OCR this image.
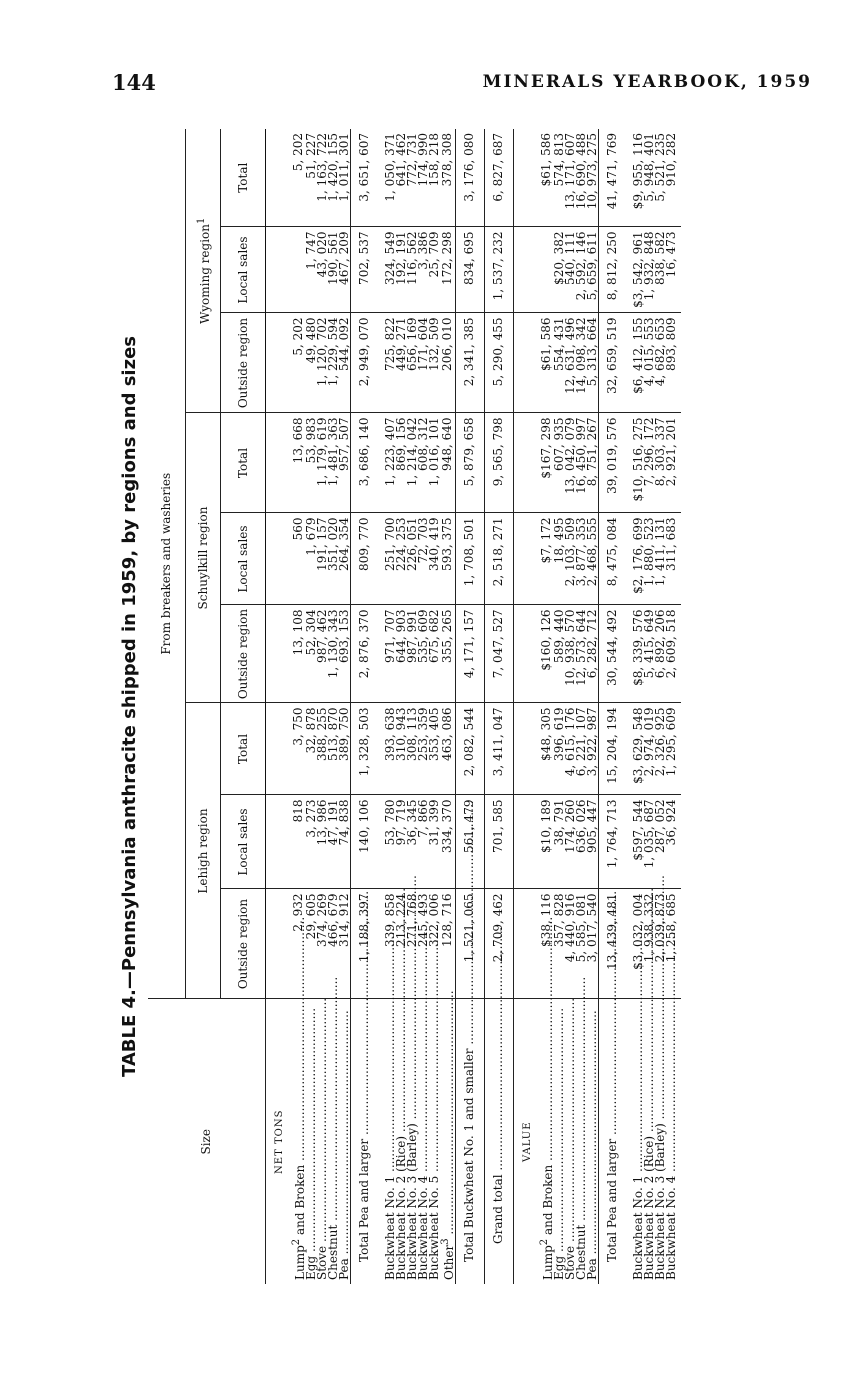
144	MINERALS YEARBOOK, 1959
TABLE 4.—Pennsylvania anthracite shipped in 1959, by regions and sizes
Size	From breakers and washeries								
	Lehigh region			Schuylkill region			Wyoming region$^1$
	Outside region	Local sales	Total	Outside region	Local sales	Total	Outside region	Local sales	Total
NET TONS									
Lump$^2$ and Broken .....	2, 932	818	3, 750	13, 108	560	13, 668	5, 202		5, 202
Egg .....	29, 605	3, 273	32, 878	52, 304	1, 679	53, 983	49, 480	1, 747	51, 227
Stove .....	374, 269	13, 986	388, 255	987, 462	191, 157	1, 179, 619	1, 120, 702	43, 020	1, 163, 722
Chestnut .....	466, 679	47, 191	513, 870	1, 130, 343	351, 020	1, 481, 363	1, 229, 594	190, 561	1, 420, 155
Pea .....	314, 912	74, 838	389, 750	693, 153	264, 354	957, 507	544, 092	467, 209	1, 011, 301
Total Pea and larger .....	1, 188, 397	140, 106	1, 328, 503	2, 876, 370	809, 770	3, 686, 140	2, 949, 070	702, 537	3, 651, 607

Buckwheat No. 1 .....	339, 858	53, 780	393, 638	971, 707	251, 700	1, 223, 407	725, 822	324, 549	1, 050, 371
Buckwheat No. 2 (Rice) .....	213, 224	97, 719	310, 943	644, 903	224, 253	869, 156	449, 271	192, 191	641, 462
Buckwheat No. 3 (Barley) .....	271, 768	36, 345	308, 113	987, 991	226, 051	1, 214, 042	656, 169	116, 562	772, 731
Buckwheat No. 4 .....	245, 493	7, 866	253, 359	535, 609	72, 703	608, 312	171, 604	3, 386	174, 990
Buckwheat No. 5 .....	322, 006	31, 399	353, 405	675, 682	340, 419	1, 016, 101	132, 509	25, 709	158, 218
Other$^3$ .....	128, 716	334, 370	463, 086	355, 265	593, 375	948, 640	206, 010	172, 298	378, 308
Total Buckwheat No. 1 and smaller .....	1, 521, 065	561, 479	2, 082, 544	4, 171, 157	1, 708, 501	5, 879, 658	2, 341, 385	834, 695	3, 176, 080
Grand total .....	2, 709, 462	701, 585	3, 411, 047	7, 047, 527	2, 518, 271	9, 565, 798	5, 290, 455	1, 537, 232	6, 827, 687
VALUE									
Lump$^2$ and Broken .....	$38, 116	$10, 189	$48, 305	$160, 126	$7, 172	$167, 298	$61, 586		$61, 586
Egg .....	357, 828	38, 791	396, 619	589, 440	18, 495	607, 935	554, 431	$20, 382	574, 813
Stove .....	4, 440, 916	174, 260	4, 615, 176	10, 938, 570	2, 103, 509	13, 042, 079	12, 631, 496	540, 111	13, 171, 607
Chestnut .....	5, 585, 081	636, 026	6, 221, 107	12, 573, 644	3, 877, 353	16, 450, 997	14, 098, 342	2, 592, 146	16, 690, 488
Pea .....	3, 017, 540	905, 447	3, 922, 987	6, 282, 712	2, 468, 555	8, 751, 267	5, 313, 664	5, 659, 611	10, 973, 275
Total Pea and larger .....	13, 439, 481	1, 764, 713	15, 204, 194	30, 544, 492	8, 475, 084	39, 019, 576	32, 659, 519	8, 812, 250	41, 471, 769

Buckwheat No. 1 .....	$3, 032, 004	$597, 544	$3, 629, 548	$8, 339, 576	$2, 176, 699	$10, 516, 275	$6, 412, 155	$3, 542, 961	$9, 955, 116
Buckwheat No. 2 (Rice) .....	1, 938, 332	1, 035, 687	2, 974, 019	5, 415, 649	1, 880, 523	7, 296, 172	4, 015, 553	1, 932, 848	5, 948, 401
Buckwheat No. 3 (Barley) .....	2, 039, 873	287, 052	2, 326, 925	6, 892, 206	1, 411, 131	8, 303, 337	4, 682, 653	838, 582	5, 521, 235
Buckwheat No. 4 .....	1, 258, 685	36, 924	1, 295, 609	2, 609, 518	311, 683	2, 921, 201	893, 809	16, 473	910, 282
